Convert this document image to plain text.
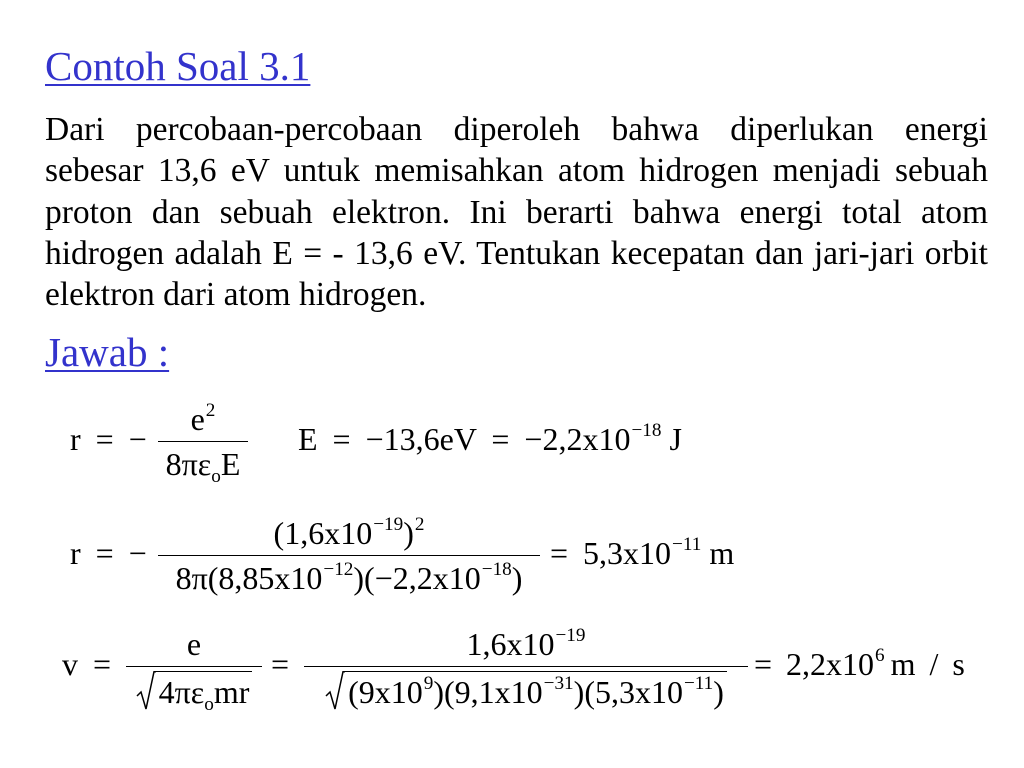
Contoh Soal 3.1
Dari percobaan-percobaan diperoleh bahwa diperlukan energi
sebesar 13,6 eV untuk memisahkan atom hidrogen menjadi sebuah
proton dan sebuah elektron. Ini berarti bahwa energi total atom
hidrogen adalah E = - 13,6 eV. Tentukan kecepatan dan jari-jari orbit
elektron dari atom hidrogen.
Jawab :
r = −
$e^2$
$8\pi\varepsilon_oE$
$E = -13,6eV = -2,2x10^{-18}$ J
r = −
$(1,6x10^{-19})^2$
$8\pi(8,85x10^{-12})(-2,2x10^{-18})$
= $5,3x10^{-11}$ m
v =
e
$4\pi\varepsilon_omr$
=
$1,6x10^{-19}$
$(9x10^9)(9,1x10^{-31})(5,3x10^{-11})$
= $2,2x10^6$ m / s
